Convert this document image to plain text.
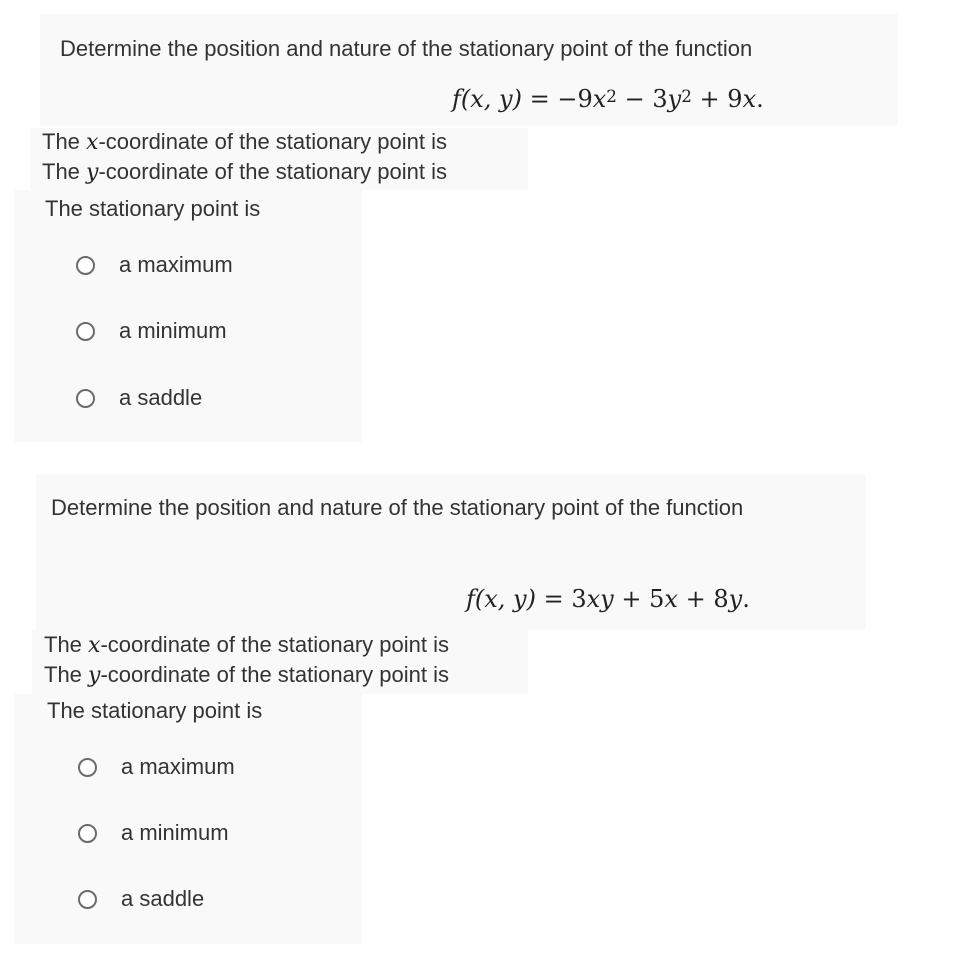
Determine the position and nature of the stationary point of the function
f(x, $y) = -9x^2 - 3y^2 + 9x$.
The x-coordinate of the stationary point is
The y-coordinate of the stationary point is
The stationary point is
a maximum
a minimum
a saddle
Determine the position and nature of the stationary point of the function
f(x, y) = 3xy + 5x + 8y.
The x-coordinate of the stationary point is
The y-coordinate of the stationary point is
The stationary point is
a maximum
a minimum
a saddle
